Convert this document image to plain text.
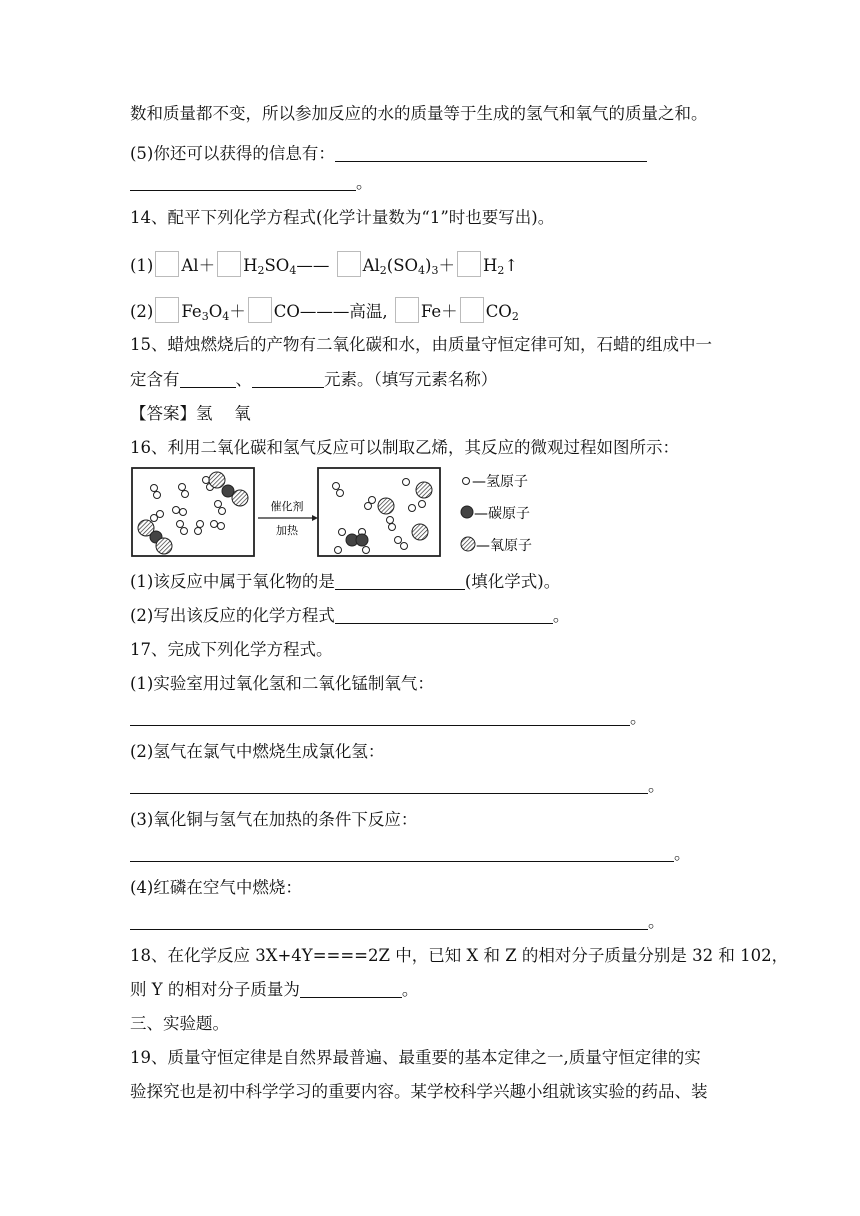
数和质量都不变，所以参加反应的水的质量等于生成的氢气和氧气的质量之和。
(5)你还可以获得的信息有：
。
14、配平下列化学方程式(化学计量数为“1”时也要写出)。
(1) $Al+ H_2SO_4——$ $Al_2(SO_4)_3+$ $H_2↑$
(2) $Fe_3O_4+$ CO———高温, $Fe+ CO_2$
15、蜡烛燃烧后的产物有二氧化碳和水，由质量守恒定律可知，石蜡的组成中一
定含有	、	元素。（填写元素名称）
【答案】氢　 氧
16、利用二氧化碳和氢气反应可以制取乙烯，其反应的微观过程如图所示：
催化剂
加热
—氢原子
—碳原子
—氧原子
(1)该反应中属于氧化物的是	(填化学式)。
(2)写出该反应的化学方程式	。
17、完成下列化学方程式。
(1)实验室用过氧化氢和二氧化锰制氧气：
。
(2)氢气在氯气中燃烧生成氯化氢：
。
(3)氧化铜与氢气在加热的条件下反应：
。
(4)红磷在空气中燃烧：
。
18、在化学反应 3X+4Y====2Z 中，已知 X 和 Z 的相对分子质量分别是 32 和 102，
则 Y 的相对分子质量为	。
三、实验题。
19、质量守恒定律是自然界最普遍、最重要的基本定律之一,质量守恒定律的实
验探究也是初中科学学习的重要内容。某学校科学兴趣小组就该实验的药品、装
